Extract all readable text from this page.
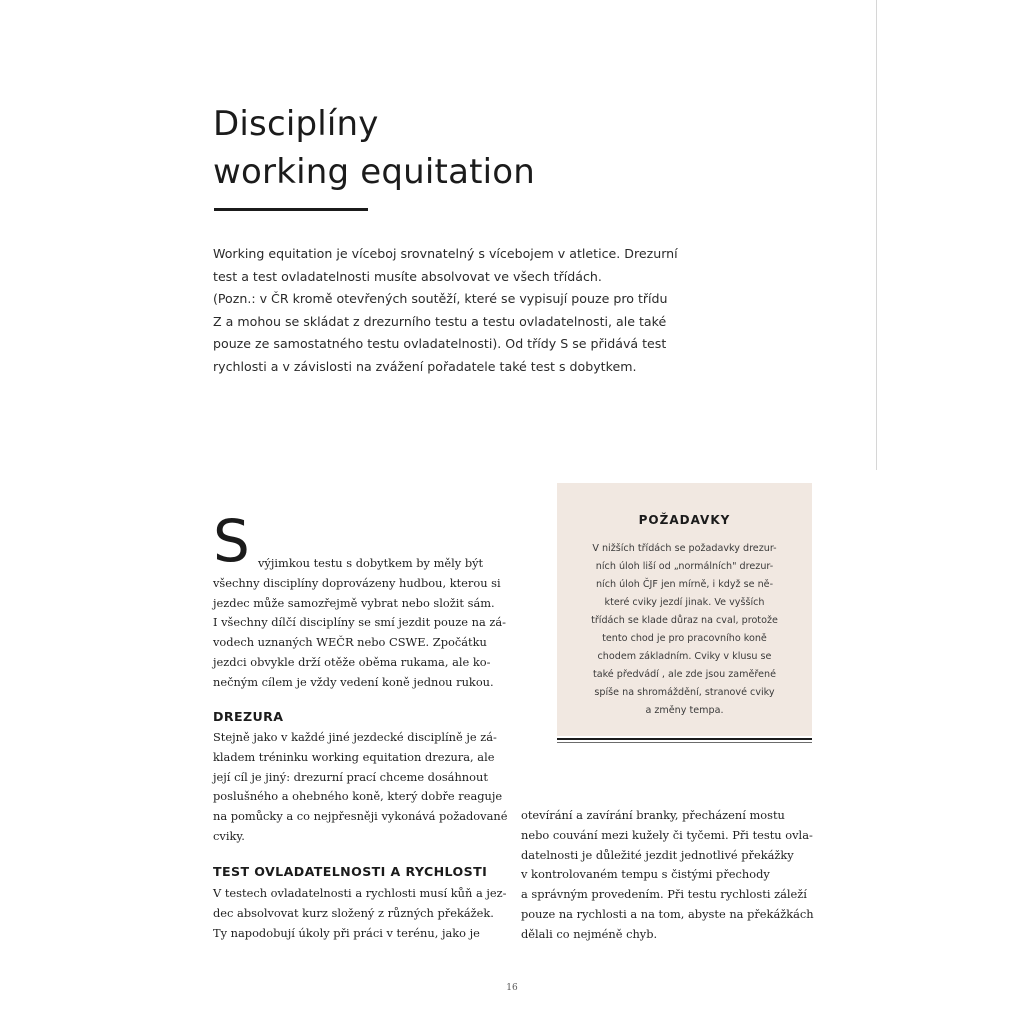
Disciplíny
working equitation

Working equitation je víceboj srovnatelný s vícebojem v atletice. Drezurní
test a test ovladatelnosti musíte absolvovat ve všech třídách.
(Pozn.: v ČR kromě otevřených soutěží, které se vypisují pouze pro třídu
Z a mohou se skládat z drezurního testu a testu ovladatelnosti, ale také
pouze ze samostatného testu ovladatelnosti). Od třídy S se přidává test
rychlosti a v závislosti na zvážení pořadatele také test s dobytkem.

S výjimkou testu s dobytkem by měly být
všechny disciplíny doprovázeny hudbou, kterou si
jezdec může samozřejmě vybrat nebo složit sám.
I všechny dílčí disciplíny se smí jezdit pouze na zá-
vodech uznaných WEČR nebo CSWE. Zpočátku
jezdci obvykle drží otěže oběma rukama, ale ko-
nečným cílem je vždy vedení koně jednou rukou.
DREZURA
Stejně jako v každé jiné jezdecké disciplíně je zá-
kladem tréninku working equitation drezura, ale
její cíl je jiný: drezurní prací chceme dosáhnout
poslušného a ohebného koně, který dobře reaguje
na pomůcky a co nejpřesněji vykonává požadované
cviky.
TEST OVLADATELNOSTI A RYCHLOSTI
V testech ovladatelnosti a rychlosti musí kůň a jez-
dec absolvovat kurz složený z různých překážek.
Ty napodobují úkoly při práci v terénu, jako je
otevírání a zavírání branky, přecházení mostu
nebo couvání mezi kužely či tyčemi. Při testu ovla-
datelnosti je důležité jezdit jednotlivé překážky
v kontrolovaném tempu s čistými přechody
a správným provedením. Při testu rychlosti záleží
pouze na rychlosti a na tom, abyste na překážkách
dělali co nejméně chyb.
POŽADAVKY
V nižších třídách se požadavky drezur-
ních úloh liší od „normálních" drezur-
ních úloh ČJF jen mírně, i když se ně-
které cviky jezdí jinak. Ve vyšších
třídách se klade důraz na cval, protože
tento chod je pro pracovního koně
chodem základním. Cviky v klusu se
také předvádí , ale zde jsou zaměřené
spíše na shromáždění, stranové cviky
a změny tempa.
16
